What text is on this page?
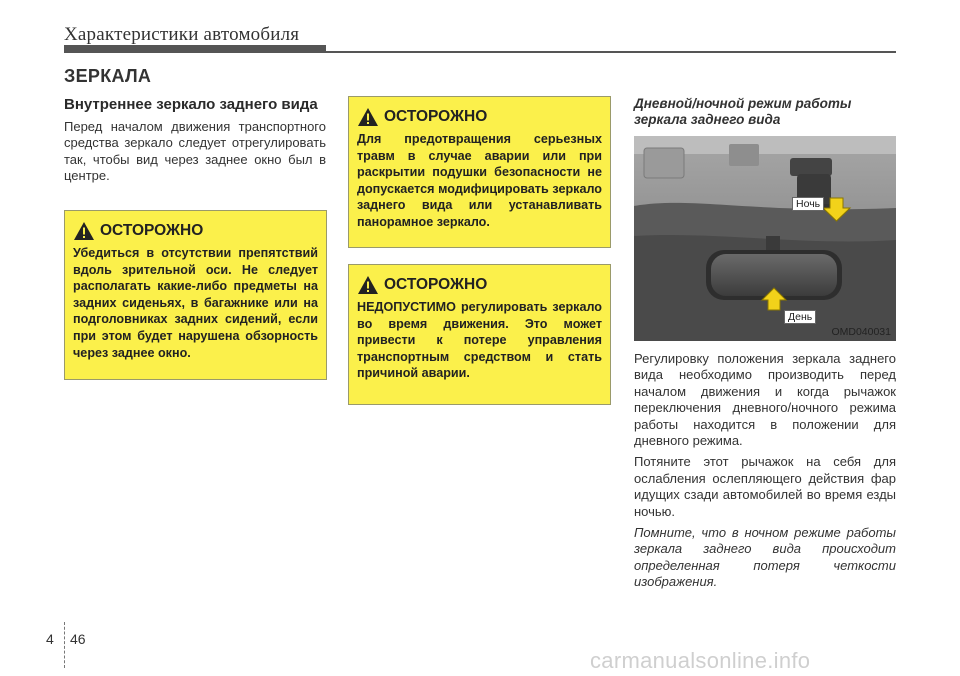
Характеристики автомобиля
ЗЕРКАЛА
Внутреннее зеркало заднего вида
Перед началом движения транспортного средства зеркало следует отрегулировать так, чтобы вид через заднее окно был в центре.
ОСТОРОЖНО
Убедиться в отсутствии препятствий вдоль зрительной оси. Не следует располагать какие-либо предметы на задних сиденьях, в багажнике или на подголовниках задних сидений, если при этом будет нарушена обзорность через заднее окно.
ОСТОРОЖНО
Для предотвращения серьезных травм в случае аварии или при раскрытии подушки безопасности не допускается модифицировать зеркало заднего вида или устанавливать панорамное зеркало.
ОСТОРОЖНО
НЕДОПУСТИМО регулировать зеркало во время движения. Это может привести к потере управления транспортным средством и стать причиной аварии.
Дневной/ночной режим работы зеркала заднего вида
Ночь
День
OMD040031
Регулировку положения зеркала заднего вида необходимо производить перед началом движения и когда рычажок переключения дневного/ночного режима работы находится в положении для дневного режима.
Потяните этот рычажок на себя для ослабления ослепляющего действия фар идущих сзади автомобилей во время езды ночью.
Помните, что в ночном режиме работы зеркала заднего вида происходит определенная потеря четкости изображения.
4 46
carmanualsonline.info
